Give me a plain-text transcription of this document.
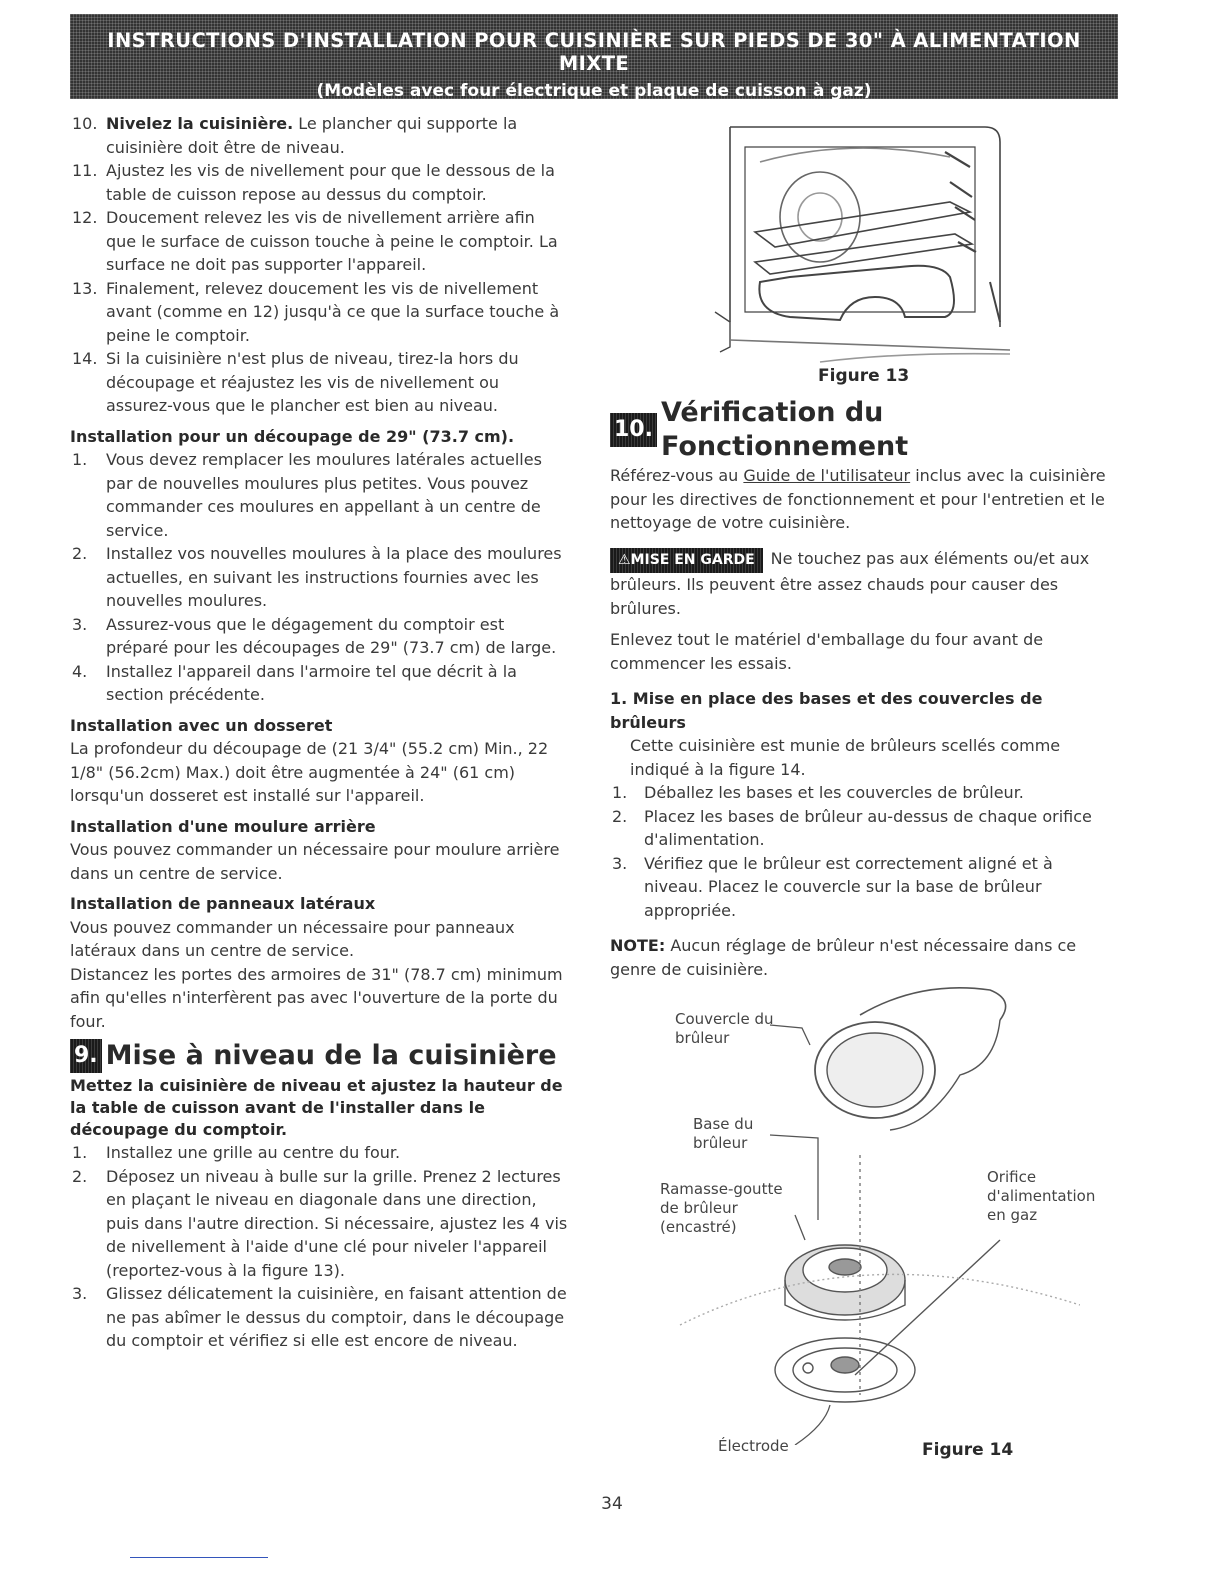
INSTRUCTIONS D'INSTALLATION POUR CUISINIÈRE SUR PIEDS DE 30" À ALIMENTATION MIXTE
(Modèles avec four électrique et plaque de cuisson à gaz)
10. Nivelez la cuisinière. Le plancher qui supporte la cuisinière doit être de niveau.
11. Ajustez les vis de nivellement pour que le dessous de la table de cuisson repose au dessus du comptoir.
12. Doucement relevez les vis de nivellement arrière afin que le surface de cuisson touche à peine le comptoir. La surface ne doit pas supporter l'appareil.
13. Finalement, relevez doucement les vis de nivellement avant (comme en 12) jusqu'à ce que la surface touche à peine le comptoir.
14. Si la cuisinière n'est plus de niveau, tirez-la hors du découpage et réajustez les vis de nivellement ou assurez-vous que le plancher est bien au niveau.
Installation pour un découpage de 29" (73.7 cm).
1. Vous devez remplacer les moulures latérales actuelles par de nouvelles moulures plus petites. Vous pouvez commander ces moulures en appellant à un centre de service.
2. Installez vos nouvelles moulures à la place des moulures actuelles, en suivant les instructions fournies avec les nouvelles moulures.
3. Assurez-vous que le dégagement du comptoir est préparé pour les découpages de 29" (73.7 cm) de large.
4. Installez l'appareil dans l'armoire tel que décrit à la section précédente.
Installation avec un dosseret

La profondeur du découpage de (21 3/4" (55.2 cm) Min., 22 1/8" (56.2cm) Max.) doit être augmentée à 24" (61 cm) lorsqu'un dosseret est installé sur l'appareil.

Installation d'une moulure arrière

Vous pouvez commander un nécessaire pour moulure arrière dans un centre de service.

Installation de panneaux latéraux

Vous pouvez commander un nécessaire pour panneaux latéraux dans un centre de service.

Distancez les portes des armoires de 31" (78.7 cm) minimum afin qu'elles n'interfèrent pas avec l'ouverture de la porte du four.

9. Mise à niveau de la cuisinière
Mettez la cuisinière de niveau et ajustez la hauteur de la table de cuisson avant de l'installer dans le découpage du comptoir.
1. Installez une grille au centre du four.
2. Déposez un niveau à bulle sur la grille. Prenez 2 lectures en plaçant le niveau en diagonale dans une direction, puis dans l'autre direction. Si nécessaire, ajustez les 4 vis de nivellement à l'aide d'une clé pour niveler l'appareil (reportez-vous à la figure 13).
3. Glissez délicatement la cuisinière, en faisant attention de ne pas abîmer le dessus du comptoir, dans le découpage du comptoir et vérifiez si elle est encore de niveau.
Figure 13
10.
Vérification du Fonctionnement

Référez-vous au Guide de l'utilisateur inclus avec la cuisinière pour les directives de fonctionnement et pour l'entretien et le nettoyage de votre cuisinière.

⚠MISE EN GARDE Ne touchez pas aux éléments ou/et aux brûleurs. Ils peuvent être assez chauds pour causer des brûlures.

Enlevez tout le matériel d'emballage du four avant de commencer les essais.

1. Mise en place des bases et des couvercles de brûleurs

Cette cuisinière est munie de brûleurs scellés comme indiqué à la figure 14.

1. Déballez les bases et les couvercles de brûleur.
2. Placez les bases de brûleur au-dessus de chaque orifice d'alimentation.
3. Vérifiez que le brûleur est correctement aligné et à niveau. Placez le couvercle sur la base de brûleur appropriée.

NOTE: Aucun réglage de brûleur n'est nécessaire dans ce genre de cuisinière.

Couvercle du brûleur
Base du brûleur
Ramasse-goutte de brûleur (encastré)
Orifice d'alimentation en gaz
Électrode	Figure 14
34
